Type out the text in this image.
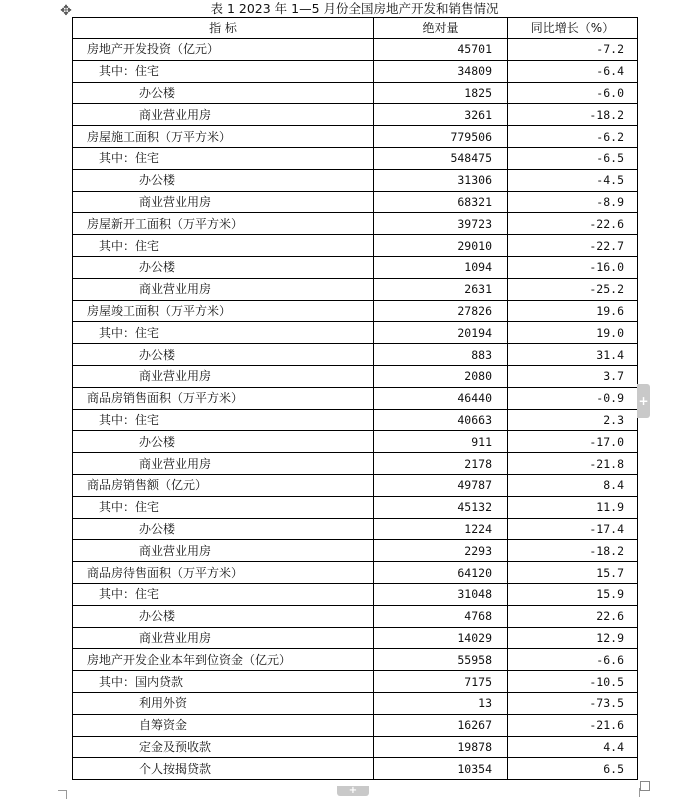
✥	表 1 2023 年 1—5 月份全国房地产开发和销售情况
指 标	绝对量	同比增长（%）
房地产开发投资（亿元）	45701	-7.2
其中：住宅	34809	-6.4
办公楼	1825	-6.0
商业营业用房	3261	-18.2
房屋施工面积（万平方米）	779506	-6.2
其中：住宅	548475	-6.5
办公楼	31306	-4.5
商业营业用房	68321	-8.9
房屋新开工面积（万平方米）	39723	-22.6
其中：住宅	29010	-22.7
办公楼	1094	-16.0
商业营业用房	2631	-25.2
房屋竣工面积（万平方米）	27826	19.6
其中：住宅	20194	19.0
办公楼	883	31.4
商业营业用房	2080	3.7
商品房销售面积（万平方米）	46440	-0.9
其中：住宅	40663	2.3
办公楼	911	-17.0
商业营业用房	2178	-21.8
商品房销售额（亿元）	49787	8.4
其中：住宅	45132	11.9
办公楼	1224	-17.4
商业营业用房	2293	-18.2
商品房待售面积（万平方米）	64120	15.7
其中：住宅	31048	15.9
办公楼	4768	22.6
商业营业用房	14029	12.9
房地产开发企业本年到位资金（亿元）	55958	-6.6
其中：国内贷款	7175	-10.5
利用外资	13	-73.5
自筹资金	16267	-21.6
定金及预收款	19878	4.4
个人按揭贷款	10354	6.5
+
+
